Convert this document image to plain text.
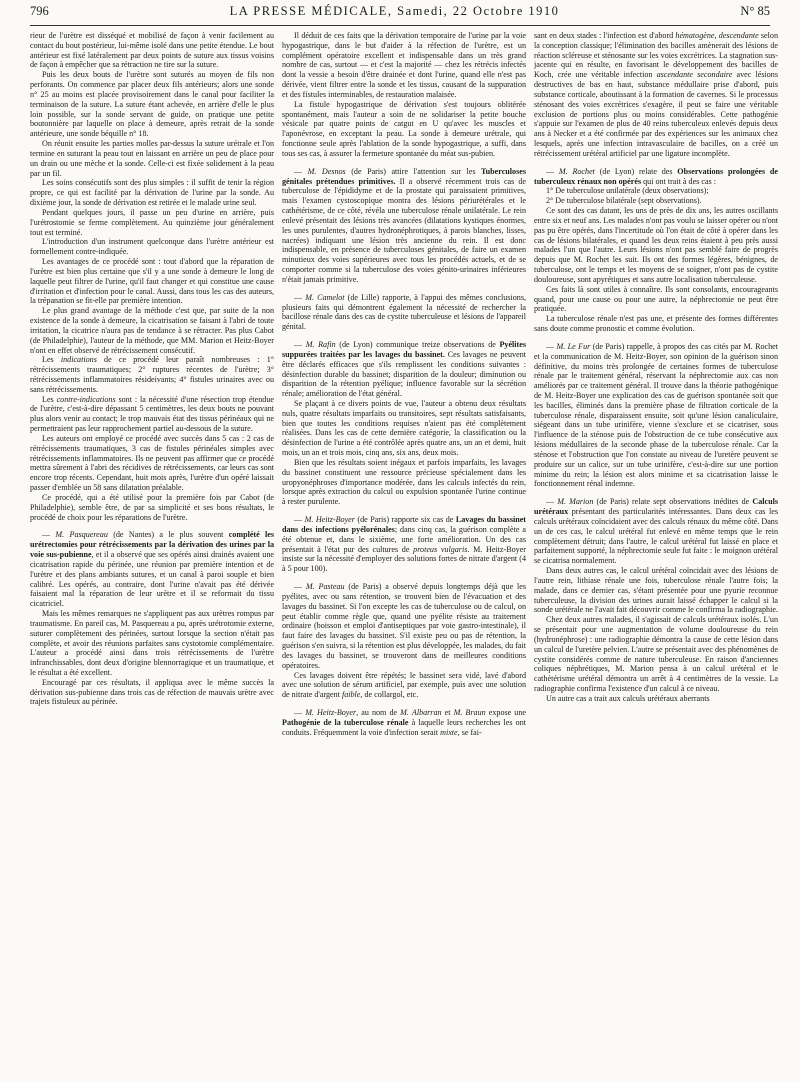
796	LA PRESSE MÉDICALE, Samedi, 22 Octobre 1910	N° 85

rieur de l'urètre est disséqué et mobilisé de façon à venir facilement au contact du bout postérieur, lui-même isolé dans une petite étendue. Le bout antérieur est fixé latéralement par deux points de suture aux tissus voisins de façon à empêcher que sa rétraction ne tire sur la suture.

Puis les deux bouts de l'urètre sont suturés au moyen de fils non perforants. On commence par placer deux fils antérieurs; alors une sonde n° 25 au moins est placée provisoirement dans le canal pour faciliter la terminaison de la suture. La suture étant achevée, en arrière d'elle le plus loin possible, sur la sonde servant de guide, on pratique une petite boutonnière par laquelle on place à demeure, après retrait de la sonde antérieure, une sonde béquille n° 18.

On réunit ensuite les parties molles par-dessus la suture urétrale et l'on termine en suturant la peau tout en laissant en arrière un peu de place pour un drain ou une mèche et la sonde. Celle-ci est fixée solidement à la peau par un fil.

Les soins consécutifs sont des plus simples : il suffit de tenir la région propre, ce qui est facilité par la dérivation de l'urine par la sonde. Au dixième jour, la sonde de dérivation est retirée et le malade urine seul.

Pendant quelques jours, il passe un peu d'urine en arrière, puis l'urétrostomie se ferme complètement. Au quinzième jour généralement tout est terminé.

L'introduction d'un instrument quelconque dans l'urètre antérieur est formellement contre-indiquée.

Les avantages de ce procédé sont : tout d'abord que la réparation de l'urètre est bien plus certaine que s'il y a une sonde à demeure le long de laquelle peut filtrer de l'urine, qu'il faut changer et qui constitue une cause d'irritation et d'infection pour le canal. Aussi, dans tous les cas des auteurs, la trépanation se fit-elle par première intention.

Le plus grand avantage de la méthode c'est que, par suite de la non existence de la sonde à demeure, la cicatrisation se faisant à l'abri de toute irritation, la cicatrice n'aura pas de tendance à se rétracter. Pas plus Cabot (de Philadelphie), l'auteur de la méthode, que MM. Marion et Heitz-Boyer n'ont en effet observé de rétrécissement consécutif.

Les indications de ce procédé leur paraît nombreuses : 1° rétrécissements traumatiques; 2° ruptures récentes de l'urètre; 3° rétrécissements inflammatoires résideivants; 4° fistules urinaires avec ou sans rétrécissements.

Les contre-indications sont : la nécessité d'une résection trop étendue de l'urètre, c'est-à-dire dépassant 5 centimètres, les deux bouts ne pouvant plus alors venir au contact; le trop mauvais état des tissus périnéaux qui ne permettraient pas leur rapprochement partiel au-dessous de la suture.

Les auteurs ont employé ce procédé avec succès dans 5 cas : 2 cas de rétrécissements traumatiques, 3 cas de fistules périnéales simples avec rétrécissements inflammatoires. Ils ne peuvent pas affirmer que ce procédé mettra sûrement à l'abri des récidives de rétrécissements, car leurs cas sont encore trop récents. Cependant, huit mois après, l'urètre d'un opéré laissait passer d'emblée un 58 sans dilatation préalable.

Ce procédé, qui a été utilisé pour la première fois par Cabot (de Philadelphie), semble être, de par sa simplicité et ses bons résultats, le procédé de choix pour les réparations de l'urètre.

— M. Pasquereau (de Nantes) a le plus souvent complété les urétrectomies pour rétrécissements par la dérivation des urines par la voie sus-pubienne, et il a observé que ses opérés ainsi drainés avaient une cicatrisation rapide du périnée, une réunion par première intention et de l'urètre et des plans ambiants sutures, et un canal à paroi souple et bien calibré. Les opérés, au contraire, dont l'urine n'avait pas été dérivée faisaient mal la réparation de leur urètre et il se reformait du tissu cicatriciel.

Mais les mêmes remarques ne s'appliquent pas aux urètres rompus par traumatisme. En pareil cas, M. Pasquereau a pu, après urétrotomie externe, suturer complètement des périnées, surtout lorsque la section n'était pas complète, et avoir des réunions parfaites sans cystotomie complémentaire. L'auteur a procédé ainsi dans trois rétrécissements de l'urètre infranchissables, dont deux d'origine blennorragique et un traumatique, et le résultat a été excellent.

Encouragé par ces résultats, il appliqua avec le même succès la dérivation sus-pubienne dans trois cas de réfection de mauvais urètre avec trajets fistuleux au périnée.

Il déduit de ces faits que la dérivation temporaire de l'urine par la voie hypogastrique, dans le but d'aider à la réfection de l'urètre, est un complément opératoire excellent et indispensable dans un très grand nombre de cas, surtout — et c'est la majorité — chez les rétrécis infectés dont la vessie a besoin d'être drainée et dont l'urine, quand elle n'est pas dérivée, vient filtrer entre la sonde et les tissus, causant de la suppuration et des fistules interminables, de restauration malaisée.

La fistule hypogastrique de dérivation s'est toujours oblitérée spontanément, mais l'auteur a soin de ne solidariser la petite bouche vésicale par quatre points de catgut en U qu'avec les muscles et l'aponévrose, en exceptant la peau. La sonde à demeure urétrale, qui fonctionne seule après l'ablation de la sonde hypogastrique, a suffi, dans tous ses cas, à assurer la fermeture spontanée du méat sus-pubien.

— M. Desnos (de Paris) attire l'attention sur les Tuberculoses génitales prétendues primitives. Il a observé récemment trois cas de tuberculose de l'épididyme et de la prostate qui paraissaient primitives, mais l'examen cystoscopique montra des lésions périurétérales et le cathétérisme, de ce côté, révéla une tuberculose rénale unilatérale. Le rein enlevé présentait des lésions très avancées (dilatations kystiques énormes, les unes purulentes, d'autres hydronéphrotiques, à parois blanches, lisses, nacrées) indiquant une lésion très ancienne du rein. Il est donc indispensable, en présence de tuberculoses génitales, de faire un examen minutieux des voies supérieures avec tous les procédés actuels, et de se comporter comme si la tuberculose des voies génito-urinaires inférieures n'était jamais primitive.

— M. Camelot (de Lille) rapporte, à l'appui des mêmes conclusions, plusieurs faits qui démontrent également la nécessité de rechercher la bacillose rénale dans des cas de cystite tuberculeuse et lésions de l'appareil génital.

— M. Rafin (de Lyon) communique treize observations de Pyélites suppurées traitées par les lavages du bassinet. Ces lavages ne peuvent être déclarés efficaces que s'ils remplissent les conditions suivantes : désinfection durable du bassinet; disparition de la douleur; diminution ou disparition de la rétention pyélique; influence favorable sur la sécrétion rénale; amélioration de l'état général.

Se plaçant à ce divers points de vue, l'auteur a obtenu deux résultats nuls, quatre résultats imparfaits ou transitoires, sept résultats satisfaisants, bien que toutes les conditions requises n'aient pas été complètement réalisées. Dans les cas de cette dernière catégorie, la classification ou la désinfection de l'urine a été contrôlée après quatre ans, un an et demi, huit mois, un an et trois mois, cinq ans, six ans, deux mois.

Bien que les résultats soient inégaux et parfois imparfaits, les lavages du bassinet constituent une ressource précieuse spécialement dans les uropyonéphroses d'importance modérée, dans les calculs infectés du rein, lorsque après extraction du calcul ou expulsion spontanée l'urine continue à rester purulente.

— M. Heitz-Boyer (de Paris) rapporte six cas de Lavages du bassinet dans des infections pyélorénales; dans cinq cas, la guérison complète a été obtenue et, dans le sixième, une forte amélioration. Un des cas présentait à l'état pur des cultures de proteus vulgaris. M. Heitz-Boyer insiste sur la nécessité d'employer des solutions fortes de nitrate d'argent (4 à 5 pour 100).

— M. Pasteau (de Paris) a observé depuis longtemps déjà que les pyélites, avec ou sans rétention, se trouvent bien de l'évacuation et des lavages du bassinet. Si l'on excepte les cas de tuberculose ou de calcul, on peut établir comme règle que, quand une pyélite résiste au traitement ordinaire (boisson et emploi d'antiseptiques par voie gastro-intestinale), il faut faire des lavages du bassinet. S'il existe peu ou pas de rétention, la guérison s'en suivra, si la rétention est plus développée, les malades, du fait des lavages du bassinet, se trouveront dans de meilleures conditions opératoires.

Ces lavages doivent être répétés; le bassinet sera vidé, lavé d'abord avec une solution de sérum artificiel, par exemple, puis avec une solution de nitrate d'argent faible, de collargol, etc.

— M. Heitz-Boyer, au nom de M. Albarran et M. Braun expose une Pathogénie de la tuberculose rénale à laquelle leurs recherches les ont conduits. Fréquemment la voie d'infection serait mixte, se fai-

sant en deux stades : l'infection est d'abord hématogène, descendante selon la conception classique; l'élimination des bacilles amènerait des lésions de réaction scléreuse et sténosante sur les voies excrétrices. La stagnation sus-jacente qui en résulte, en favorisant le développement des bacilles de Koch, crée une véritable infection ascendante secondaire avec lésions destructives de bas en haut, substance médullaire prise d'abord, puis substance corticale, aboutissant à la formation de cavernes. Si le processus sténosant des voies excrétrices s'exagère, il peut se faire une véritable exclusion de portions plus ou moins considérables. Cette pathogénie s'appuie sur l'examen de plus de 40 reins tuberculeux enlevés depuis deux ans à Necker et a été confirmée par des expériences sur les animaux chez lesquels, après une infection intravasculaire de bacilles, on a créé un rétrécissement urétéral artificiel par une ligature incomplète.

— M. Rochet (de Lyon) relate des Observations prolongées de tuberculeux rénaux non opérés qui ont trait à des cas :

1° De tuberculose unilatérale (deux observations);

2° De tuberculose bilatérale (sept observations).

Ce sont des cas datant, les uns de près de dix ans, les autres oscillants entre six et neuf ans. Les malades n'ont pas voulu se laisser opérer ou n'ont pas pu être opérés, dans l'incertitude où l'on était de côté à opérer dans les cas de lésions bilatérales, et quand les deux reins étaient à peu près aussi malades l'un que l'autre. Leurs lésions n'ont pas semblé faire de progrès depuis que M. Rochet les suit. Ils ont des formes légères, bénignes, de tuberculose, ont le temps et les moyens de se soigner, n'ont pas de cystite douloureuse, sont apyrétiques et sans autre localisation tuberculeuse.

Ces faits là sont utiles à connaître. Ils sont consolants, encourageants quand, pour une cause ou pour une autre, la néphrectomie ne peut être pratiquée.

La tuberculose rénale n'est pas une, et présente des formes différentes sans doute comme pronostic et comme évolution.

— M. Le Fur (de Paris) rappelle, à propos des cas cités par M. Rochet et la communication de M. Heitz-Boyer, son opinion de la guérison sinon définitive, du moins très prolongée de certaines formes de tuberculose rénale par le traitement général, réservant la néphrectomie aux cas non améliorés par ce traitement général. Il trouve dans la théorie pathogénique de M. Heitz-Boyer une explication des cas de guérison spontanée soit que les bacilles, éliminés dans la première phase de filtration corticale de la tuberculose rénale, disparaissent ensuite, soit qu'une lésion canaliculaire, siégeant dans un tube urinifère, vienne s'exclure et se cicatriser, sous l'influence de la sténose puis de l'obstruction de ce tube consécutive aux lésions médullaires de la seconde phase de la tuberculose rénale. Car la sténose et l'obstruction que l'on constate au niveau de l'uretère peuvent se produire sur un calice, sur un tube urinifère, c'est-à-dire sur une portion minime du rein; la lésion est alors minime et sa cicatrisation laisse le fonctionnement rénal indemne.

— M. Marion (de Paris) relate sept observations inédites de Calculs urétéraux présentant des particularités intéressantes. Dans deux cas les calculs urétéraux coïncidaient avec des calculs rénaux du même côté. Dans un de ces cas, le calcul urétéral fut enlevé en même temps que le rein complètement détruit; dans l'autre, le calcul urétéral fut laissé en place et parfaitement supporté, la néphrectomie seule fut faite : le moignon urétéral se cicatrisa normalement.

Dans deux autres cas, le calcul urétéral coïncidait avec des lésions de l'autre rein, lithiase rénale une fois, tuberculose rénale l'autre fois; la malade, dans ce dernier cas, s'étant présentée pour une pyurie reconnue tuberculeuse, la division des urines aurait laissé échapper le calcul si la sonde urétérale ne l'avait fait découvrir comme le confirma la radiographie.

Chez deux autres malades, il s'agissait de calculs urétéraux isolés. L'un se présentait pour une augmentation de volume douloureuse du rein (hydronéphrose) : une radiographie démontra la cause de cette lésion dans un calcul de l'uretère pelvien. L'autre se présentait avec des phénomènes de cystite considérés comme de nature tuberculeuse. En raison d'anciennes coliques néphrétiques, M. Marion pensa à un calcul urétéral et le cathétérisme urétéral démontra un arrêt à 4 centimètres de la vessie. La radiographie confirma l'existence d'un calcul à ce niveau.

Un autre cas a trait aux calculs urétéraux aberrants
